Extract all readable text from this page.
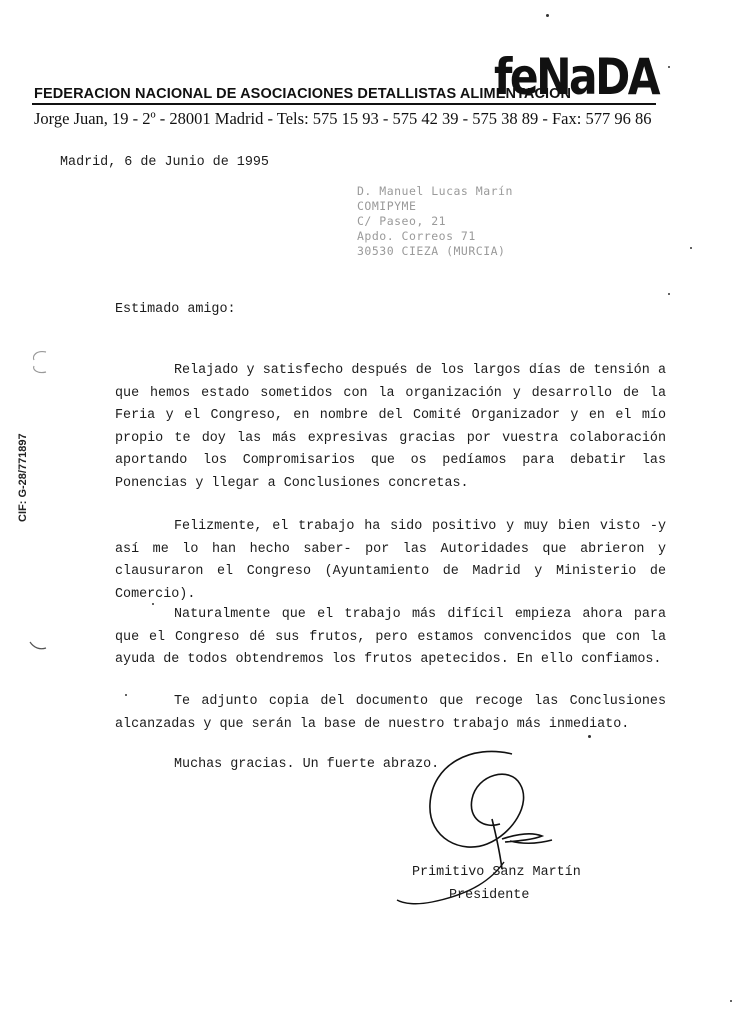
FEDERACION NACIONAL DE ASOCIACIONES DETALLISTAS ALIMENTACION
feNaDA
Jorge Juan, 19 - 2º - 28001 Madrid - Tels: 575 15 93 - 575 42 39 - 575 38 89 - Fax: 577 96 86
CIF: G-28/771897
Madrid, 6 de Junio de 1995
D. Manuel Lucas Marín
COMIPYME
C/ Paseo, 21
Apdo. Correos 71
30530 CIEZA (MURCIA)
Estimado amigo:

Relajado y satisfecho después de los largos días de tensión a que hemos estado sometidos con la organización y desarrollo de la Feria y el Congreso, en nombre del Comité Organizador y en el mío propio te doy las más expresivas gracias por vuestra colaboración aportando los Compromisarios que os pedíamos para debatir las Ponencias y llegar a Conclusiones concretas.

Felizmente, el trabajo ha sido positivo y muy bien visto -y así me lo han hecho saber- por las Autoridades que abrieron y clausuraron el Congreso (Ayuntamiento de Madrid y Ministerio de Comercio).

Naturalmente que el trabajo más difícil empieza ahora para que el Congreso dé sus frutos, pero estamos convencidos que con la ayuda de todos obtendremos los frutos apetecidos. En ello confiamos.

Te adjunto copia del documento que recoge las Conclusiones alcanzadas y que serán la base de nuestro trabajo más inmediato.

Muchas gracias. Un fuerte abrazo.
Primitivo Sanz Martín
Presidente
